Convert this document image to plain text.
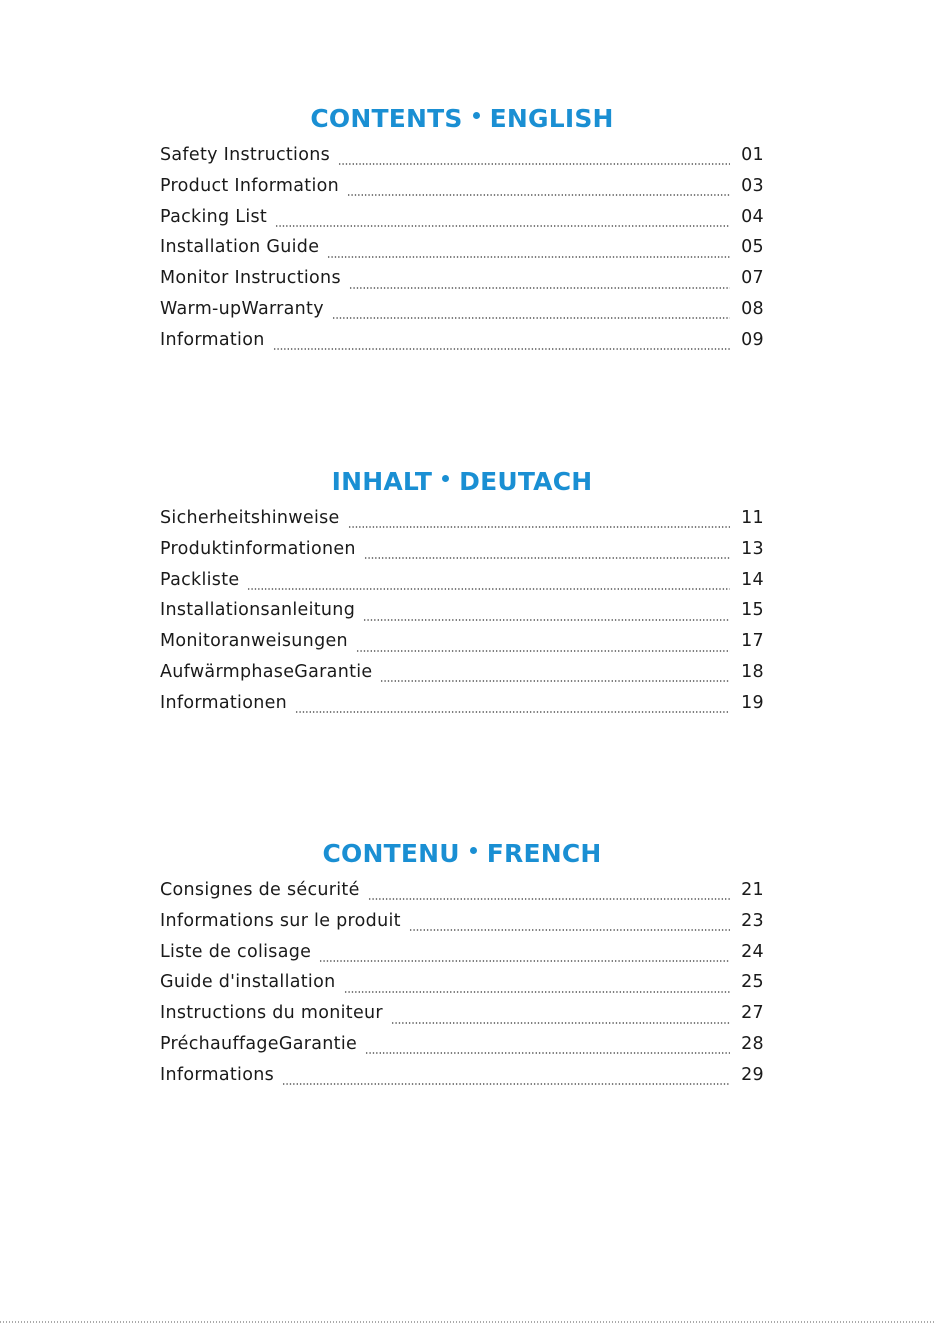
CONTENTS ENGLISH
Safety Instructions	01
Product Information	03
Packing List	04
Installation Guide	05
Monitor Instructions	07
Warm-upWarranty	08
Information	09
INHALT DEUTACH
Sicherheitshinweise	11
Produktinformationen	13
Packliste	14
Installationsanleitung	15
Monitoranweisungen	17
AufwärmphaseGarantie	18
Informationen	19
CONTENU FRENCH
Consignes de sécurité	21
Informations sur le produit	23
Liste de colisage	24
Guide d'installation	25
Instructions du moniteur	27
PréchauffageGarantie	28
Informations	29
